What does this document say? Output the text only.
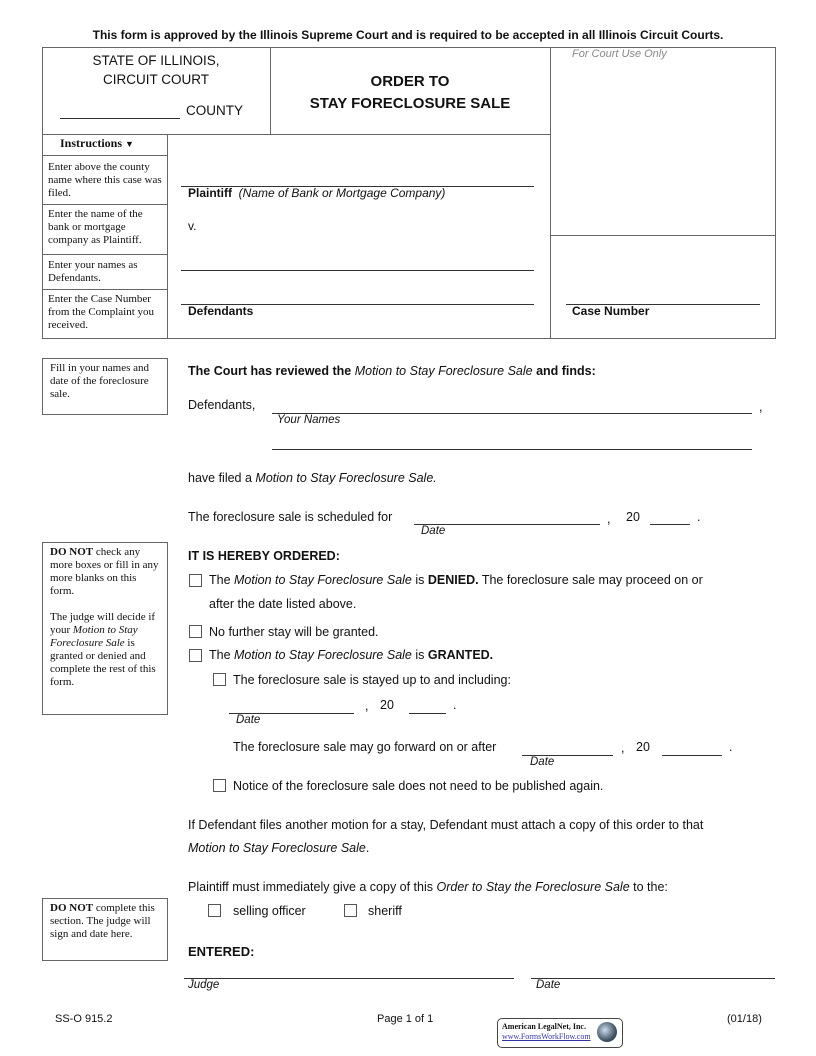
This form is approved by the Illinois Supreme Court and is required to be accepted in all Illinois Circuit Courts.
STATE OF ILLINOIS,
CIRCUIT COURT
COUNTY
ORDER TO
STAY FORECLOSURE SALE
For Court Use Only
Instructions ▼
Enter above the county name where this case was filed.
Enter the name of the bank or mortgage company as Plaintiff.
Enter your names as Defendants.
Enter the Case Number from the Complaint you received.
Plaintiff (Name of Bank or Mortgage Company)
v.
Defendants	Case Number
Fill in your names and date of the foreclosure sale.
DO NOT check any more boxes or fill in any more blanks on this form.

The judge will decide if your Motion to Stay Foreclosure Sale is granted or denied and complete the rest of this form.
DO NOT complete this section. The judge will sign and date here.
The Court has reviewed the Motion to Stay Foreclosure Sale and finds:
Defendants,	,
Your Names
have filed a Motion to Stay Foreclosure Sale.
The foreclosure sale is scheduled for	, 20	.
Date
IT IS HEREBY ORDERED:
The Motion to Stay Foreclosure Sale is DENIED. The foreclosure sale may proceed on or
after the date listed above.
No further stay will be granted.
The Motion to Stay Foreclosure Sale is GRANTED.
The foreclosure sale is stayed up to and including:
, 20	.
Date
The foreclosure sale may go forward on or after	, 20	.
Date
Notice of the foreclosure sale does not need to be published again.
If Defendant files another motion for a stay, Defendant must attach a copy of this order to that
Motion to Stay Foreclosure Sale.
Plaintiff must immediately give a copy of this Order to Stay the Foreclosure Sale to the:
selling officer	sheriff
ENTERED:
Judge	Date
SS-O 915.2	Page 1 of 1	(01/18)
American LegalNet, Inc.
www.FormsWorkFlow.com
